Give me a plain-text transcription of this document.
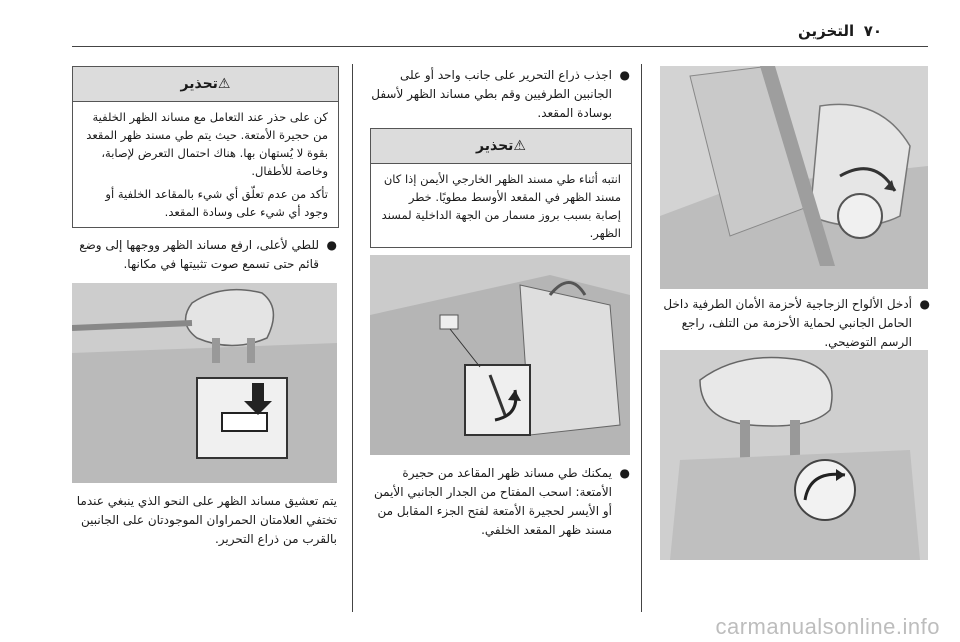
٧٠
التخزين

●
أدخل الألواح الزجاجية لأحزمة الأمان الطرفية داخل الحامل الجانبي لحماية الأحزمة من التلف، راجع الرسم التوضيحي.

●
اجذب ذراع التحرير على جانب واحد أو على الجانبين الطرفيين وقم بطي مساند الظهر لأسفل بوسادة المقعد.

⚠تحذير

انتبه أثناء طي مسند الظهر الخارجي الأيمن إذا كان مسند الظهر في المقعد الأوسط مطويًا. خطر إصابة بسبب بروز مسمار من الجهة الداخلية لمسند الظهر.

●
يمكنك طي مساند ظهر المقاعد من حجيرة الأمتعة: اسحب المفتاح من الجدار الجانبي الأيمن أو الأيسر لحجيرة الأمتعة لفتح الجزء المقابل من مسند ظهر المقعد الخلفي.

⚠تحذير

كن على حذر عند التعامل مع مساند الظهر الخلفية من حجيرة الأمتعة. حيث يتم طي مسند ظهر المقعد بقوة لا يُستهان بها. هناك احتمال التعرض لإصابة، وخاصة للأطفال.

تأكد من عدم تعلّق أي شيء بالمقاعد الخلفية أو وجود أي شيء على وسادة المقعد.

●
للطي لأعلى، ارفع مساند الظهر ووجهها إلى وضع قائم حتى تسمع صوت تثبيتها في مكانها.

يتم تعشيق مساند الظهر على النحو الذي ينبغي عندما تختفي العلامتان الحمراوان الموجودتان على الجانبين بالقرب من ذراع التحرير.

carmanualsonline.info
